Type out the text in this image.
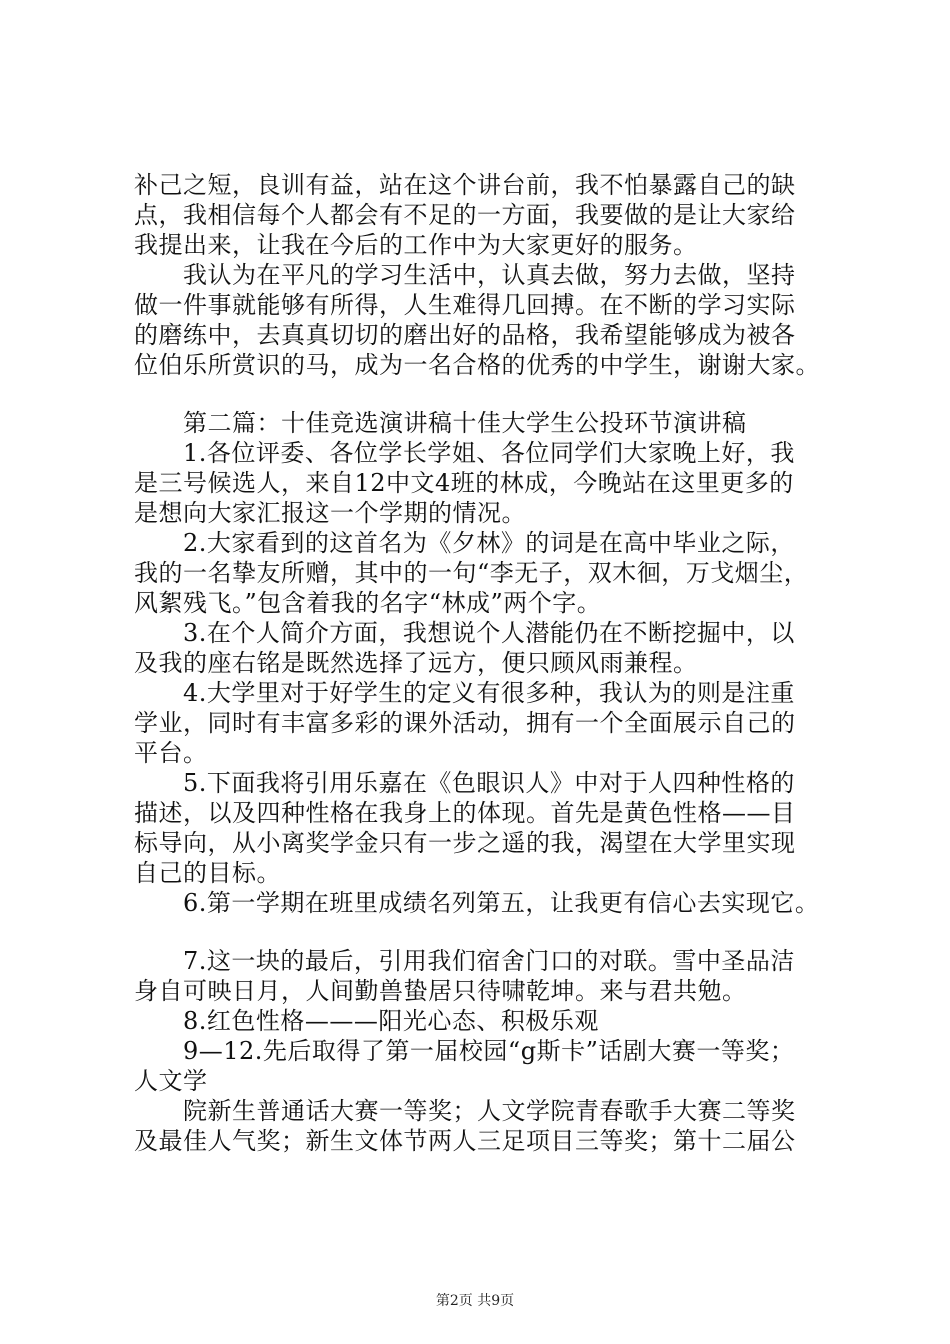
补己之短，良训有益，站在这个讲台前，我不怕暴露自己的缺
点，我相信每个人都会有不足的一方面，我要做的是让大家给
我提出来，让我在今后的工作中为大家更好的服务。
　　我认为在平凡的学习生活中，认真去做，努力去做，坚持
做一件事就能够有所得，人生难得几回搏。在不断的学习实际
的磨练中，去真真切切的磨出好的品格，我希望能够成为被各
位伯乐所赏识的马，成为一名合格的优秀的中学生，谢谢大家。
　　第二篇：十佳竞选演讲稿十佳大学生公投环节演讲稿
　　1.各位评委、各位学长学姐、各位同学们大家晚上好，我
是三号候选人，来自12中文4班的林成，今晚站在这里更多的
是想向大家汇报这一个学期的情况。
　　2.大家看到的这首名为《夕林》的词是在高中毕业之际，
我的一名挚友所赠，其中的一句“李无子，双木徊，万戈烟尘，
风絮残飞。”包含着我的名字“林成”两个字。
　　3.在个人简介方面，我想说个人潜能仍在不断挖掘中，以
及我的座右铭是既然选择了远方，便只顾风雨兼程。
　　4.大学里对于好学生的定义有很多种，我认为的则是注重
学业，同时有丰富多彩的课外活动，拥有一个全面展示自己的
平台。
　　5.下面我将引用乐嘉在《色眼识人》中对于人四种性格的
描述，以及四种性格在我身上的体现。首先是黄色性格——目
标导向，从小离奖学金只有一步之遥的我，渴望在大学里实现
自己的目标。
　　6.第一学期在班里成绩名列第五，让我更有信心去实现它。
　　7.这一块的最后，引用我们宿舍门口的对联。雪中圣品洁
身自可映日月，人间勤兽蛰居只待啸乾坤。来与君共勉。
　　8.红色性格———阳光心态、积极乐观
　　9—12.先后取得了第一届校园“g斯卡”话剧大赛一等奖；
人文学
　　院新生普通话大赛一等奖；人文学院青春歌手大赛二等奖
及最佳人气奖；新生文体节两人三足项目三等奖；第十二届公
第2页 共9页
